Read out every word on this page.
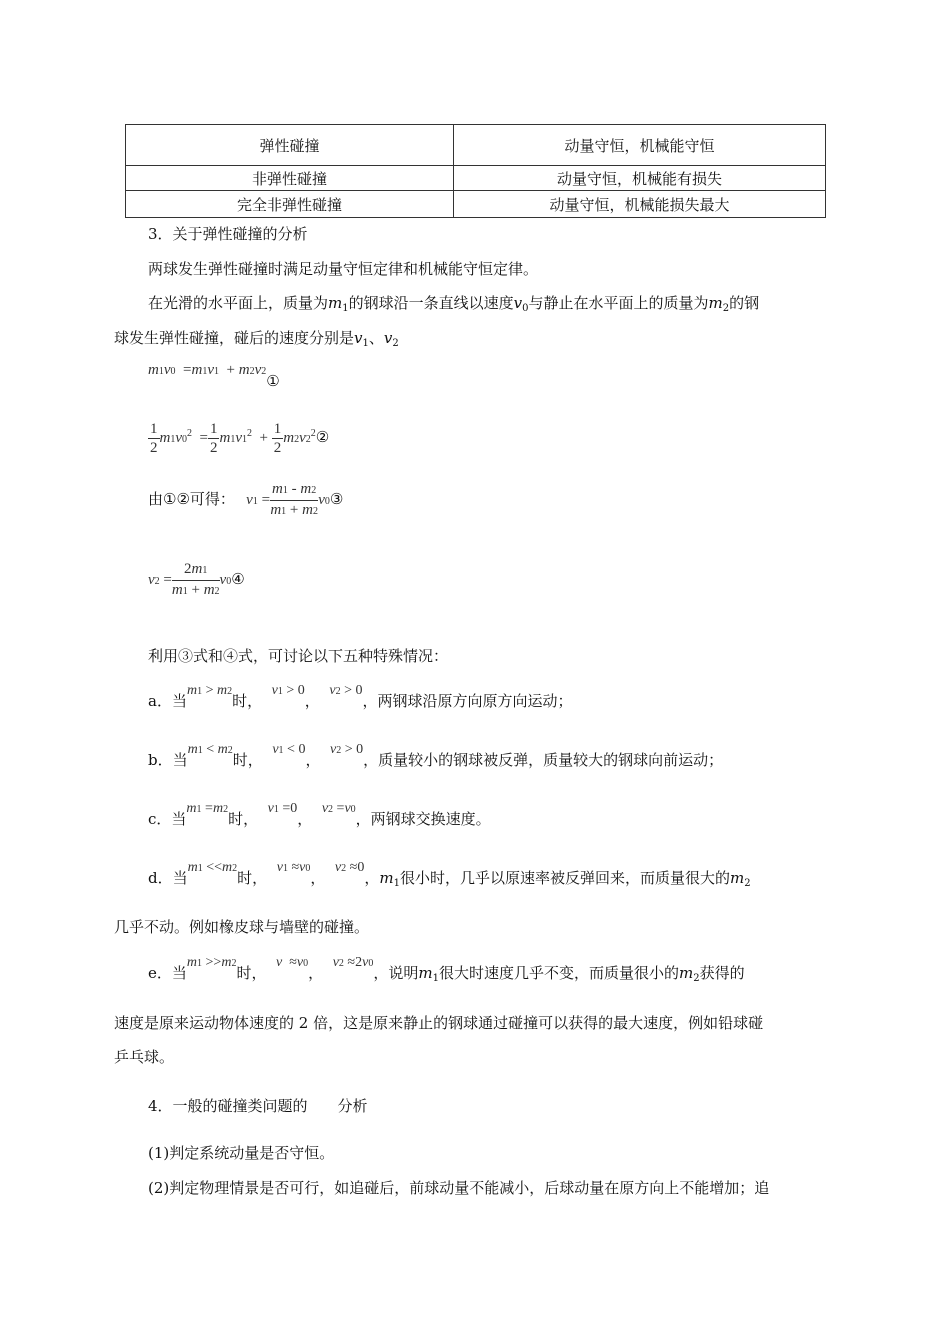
弹性碰撞	动量守恒，机械能守恒
非弹性碰撞	动量守恒，机械能有损失
完全非弹性碰撞	动量守恒，机械能损失最大
3．关于弹性碰撞的分析
两球发生弹性碰撞时满足动量守恒定律和机械能守恒定律。
在光滑的水平面上，质量为$m_1$的钢球沿一条直线以速度$v_0$与静止在水平面上的质量为$m_2$的钢
球发生弹性碰撞，碰后的速度分别是$v_1$、$v_2$
m1v0 =m1v1 + m2v2①
$\frac{1}{2} m1v0^2 = \frac{1}{2} m1v1^2 + \frac{1}{2}$ $m2v2^2②$
由①②可得： $v1 = \frac{m1 - m2}{m1 + m2}$ v0③
$v2 = \frac{2m1}{m1 + m2}$ v0④
利用③式和④式，可讨论以下五种特殊情况：
a．当m1 > m2时，  v1 > 0，  v2 > 0，两钢球沿原方向原方向运动；
b．当m1 < m2时，  v1 < 0，  v2 > 0，质量较小的钢球被反弹，质量较大的钢球向前运动；
c．当m1 =m2时，  v1 =0，  v2 =v0，两钢球交换速度。
d．当m1 <<m2时，  v1 ≈v0，  v2 ≈0，$m_1$很小时，几乎以原速率被反弹回来，而质量很大的$m_2$
几乎不动。例如橡皮球与墙壁的碰撞。
e．当m1 >>m2时，  v ≈v0，  v2 ≈2v0，说明$m_1$很大时速度几乎不变，而质量很小的$m_2$获得的
速度是原来运动物体速度的 2 倍，这是原来静止的钢球通过碰撞可以获得的最大速度，例如铅球碰
乒乓球。
4．一般的碰撞类问题的　　分析
(1)判定系统动量是否守恒。
(2)判定物理情景是否可行，如追碰后，前球动量不能减小，后球动量在原方向上不能增加；追
